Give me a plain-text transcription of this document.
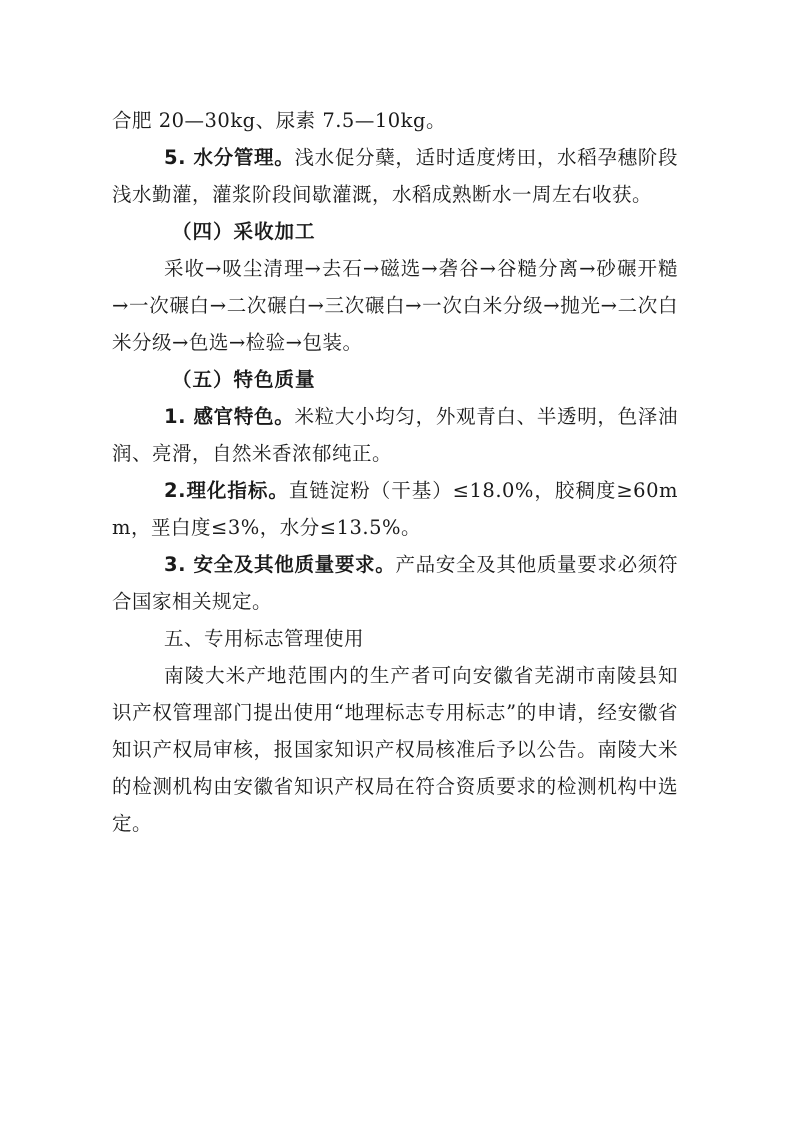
合肥 20—30kg、尿素 7.5—10kg。

5. 水分管理。浅水促分蘖，适时适度烤田，水稻孕穗阶段浅水勤灌，灌浆阶段间歇灌溉，水稻成熟断水一周左右收获。

（四）采收加工

采收→吸尘清理→去石→磁选→砻谷→谷糙分离→砂碾开糙→一次碾白→二次碾白→三次碾白→一次白米分级→抛光→二次白米分级→色选→检验→包装。

（五）特色质量

1. 感官特色。米粒大小均匀，外观青白、半透明，色泽油润、亮滑，自然米香浓郁纯正。

2.理化指标。直链淀粉（干基）≤18.0%，胶稠度≥60mm，垩白度≤3%，水分≤13.5%。

3. 安全及其他质量要求。产品安全及其他质量要求必须符合国家相关规定。

五、专用标志管理使用

南陵大米产地范围内的生产者可向安徽省芜湖市南陵县知识产权管理部门提出使用“地理标志专用标志”的申请，经安徽省知识产权局审核，报国家知识产权局核准后予以公告。南陵大米的检测机构由安徽省知识产权局在符合资质要求的检测机构中选定。
